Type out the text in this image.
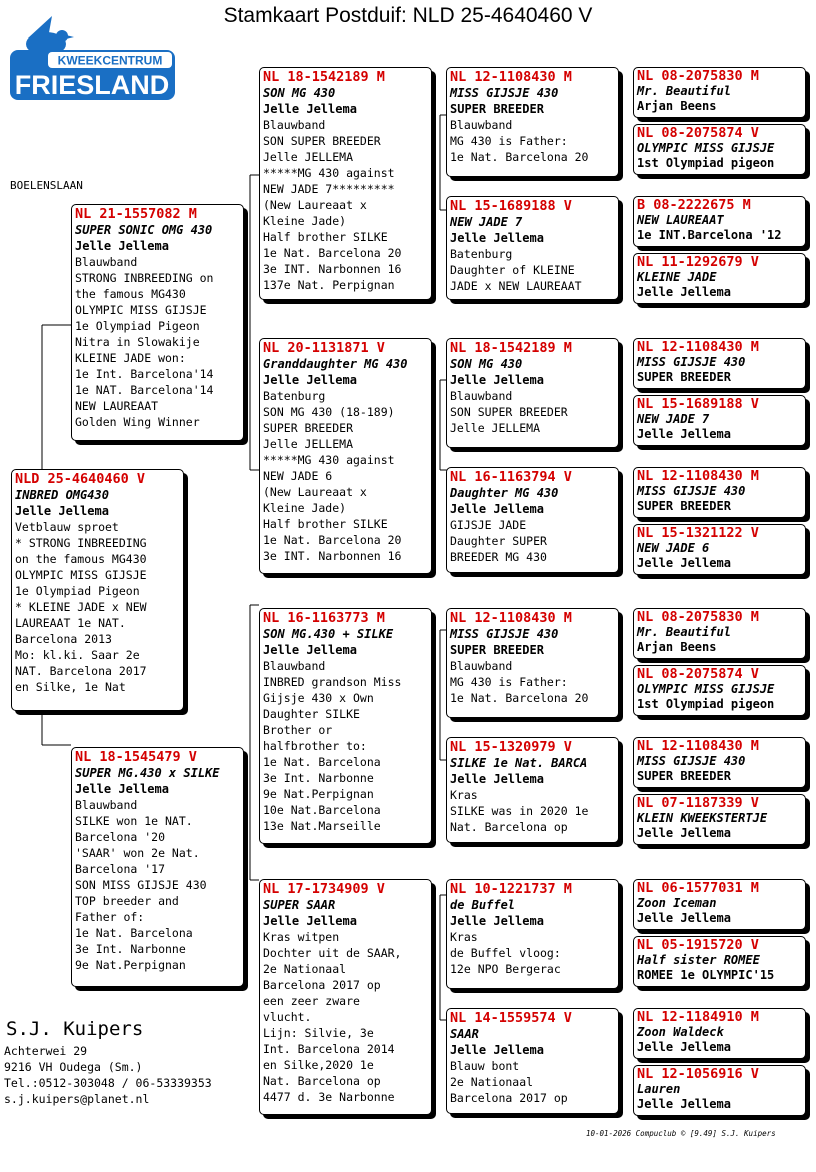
Stamkaart Postduif: NLD 25-4640460 V
KWEEKCENTRUM
FRIESLAND
BOELENSLAAN
NLD 25-4640460 V
INBRED OMG430
Jelle Jellema
Vetblauw sproet
* STRONG INBREEDING
on the famous MG430
OLYMPIC MISS GIJSJE
1e Olympiad Pigeon
* KLEINE JADE x NEW
LAUREAAT 1e NAT.
Barcelona 2013
Mo: kl.ki. Saar 2e
NAT. Barcelona 2017
en Silke, 1e Nat
NL 21-1557082 M
SUPER SONIC OMG 430
Jelle Jellema
Blauwband
STRONG INBREEDING on
the famous MG430
OLYMPIC MISS GIJSJE
1e Olympiad Pigeon
Nitra in Slowakije
KLEINE JADE won:
1e Int. Barcelona'14
1e NAT. Barcelona'14
NEW LAUREAAT
Golden Wing Winner
NL 18-1545479 V
SUPER MG.430 x SILKE
Jelle Jellema
Blauwband
SILKE won 1e NAT.
Barcelona '20
'SAAR' won 2e Nat.
Barcelona '17
SON MISS GIJSJE 430
TOP breeder and
Father of:
1e Nat. Barcelona
3e Int. Narbonne
9e Nat.Perpignan
NL 18-1542189 M
SON MG 430
Jelle Jellema
Blauwband
SON SUPER BREEDER
Jelle JELLEMA
*****MG 430 against
NEW JADE 7*********
(New Laureaat x
Kleine Jade)
Half brother SILKE
1e Nat. Barcelona 20
3e INT. Narbonnen 16
137e Nat. Perpignan
NL 20-1131871 V
Granddaughter MG 430
Jelle Jellema
Batenburg
SON MG 430 (18-189)
SUPER BREEDER
Jelle JELLEMA
*****MG 430 against
NEW JADE 6
(New Laureaat x
Kleine Jade)
Half brother SILKE
1e Nat. Barcelona 20
3e INT. Narbonnen 16
NL 16-1163773 M
SON MG.430 + SILKE
Jelle Jellema
Blauwband
INBRED grandson Miss
Gijsje 430 x Own
Daughter SILKE
Brother or
halfbrother to:
1e Nat. Barcelona
3e Int. Narbonne
9e Nat.Perpignan
10e Nat.Barcelona
13e Nat.Marseille
NL 17-1734909 V
SUPER SAAR
Jelle Jellema
Kras witpen
Dochter uit de SAAR,
2e Nationaal
Barcelona 2017 op
een zeer zware
vlucht.
Lijn: Silvie, 3e
Int. Barcelona 2014
en Silke,2020 1e
Nat. Barcelona op
4477 d. 3e Narbonne
NL 12-1108430 M
MISS GIJSJE 430
SUPER BREEDER
Blauwband
MG 430 is Father:
1e Nat. Barcelona 20
NL 15-1689188 V
NEW JADE 7
Jelle Jellema
Batenburg
Daughter of KLEINE
JADE x NEW LAUREAAT
NL 18-1542189 M
SON MG 430
Jelle Jellema
Blauwband
SON SUPER BREEDER
Jelle JELLEMA
NL 16-1163794 V
Daughter MG 430
Jelle Jellema
GIJSJE JADE
Daughter SUPER
BREEDER MG 430
NL 12-1108430 M
MISS GIJSJE 430
SUPER BREEDER
Blauwband
MG 430 is Father:
1e Nat. Barcelona 20
NL 15-1320979 V
SILKE 1e Nat. BARCA
Jelle Jellema
Kras
SILKE was in 2020 1e
Nat. Barcelona op
NL 10-1221737 M
de Buffel
Jelle Jellema
Kras
de Buffel vloog:
12e NPO Bergerac
NL 14-1559574 V
SAAR
Jelle Jellema
Blauw bont
2e Nationaal
Barcelona 2017 op
NL 08-2075830 M
Mr. Beautiful
Arjan Beens
NL 08-2075874 V
OLYMPIC MISS GIJSJE
1st Olympiad pigeon
B 08-2222675 M
NEW LAUREAAT
1e INT.Barcelona '12
NL 11-1292679 V
KLEINE JADE
Jelle Jellema
NL 12-1108430 M
MISS GIJSJE 430
SUPER BREEDER
NL 15-1689188 V
NEW JADE 7
Jelle Jellema
NL 12-1108430 M
MISS GIJSJE 430
SUPER BREEDER
NL 15-1321122 V
NEW JADE 6
Jelle Jellema
NL 08-2075830 M
Mr. Beautiful
Arjan Beens
NL 08-2075874 V
OLYMPIC MISS GIJSJE
1st Olympiad pigeon
NL 12-1108430 M
MISS GIJSJE 430
SUPER BREEDER
NL 07-1187339 V
KLEIN KWEEKSTERTJE
Jelle Jellema
NL 06-1577031 M
Zoon Iceman
Jelle Jellema
NL 05-1915720 V
Half sister ROMEE
ROMEE 1e OLYMPIC'15
NL 12-1184910 M
Zoon Waldeck
Jelle Jellema
NL 12-1056916 V
Lauren
Jelle Jellema
S.J. Kuipers
Achterwei 29
9216 VH Oudega (Sm.)
Tel.:0512-303048 / 06-53339353
s.j.kuipers@planet.nl
10-01-2026 Compuclub © [9.49] S.J. Kuipers
